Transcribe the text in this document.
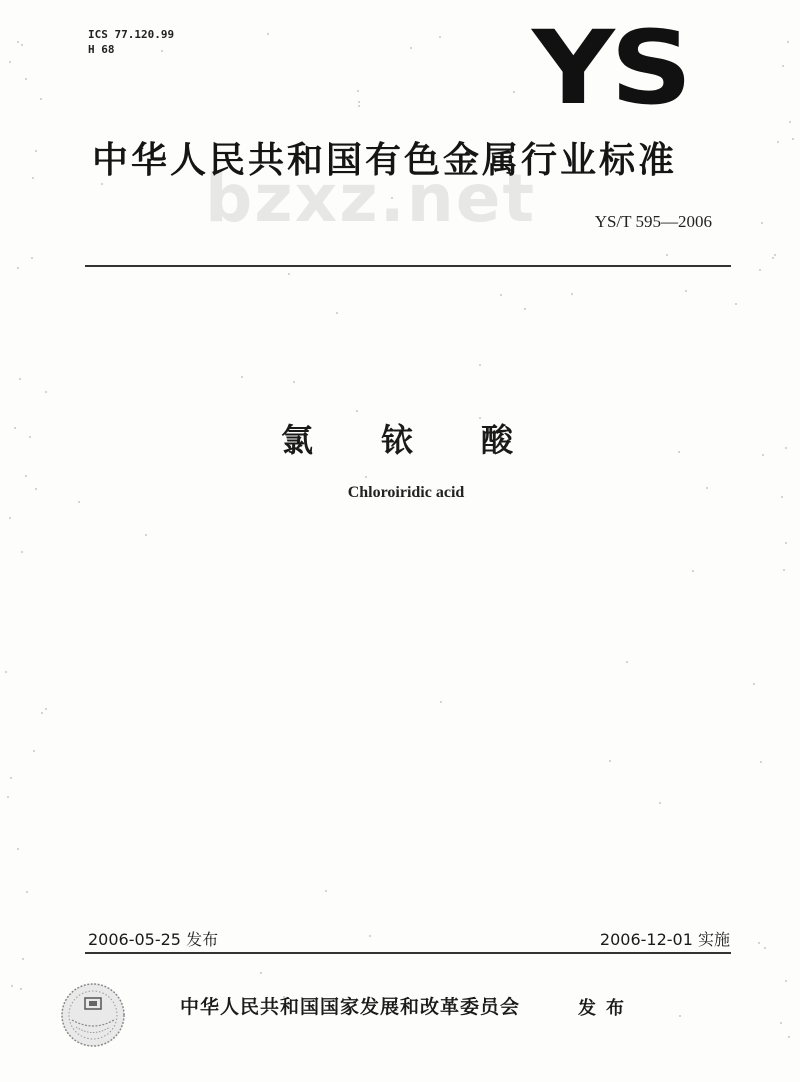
ICS 77.120.99
H 68	YS
bzxz.net
中华人民共和国有色金属行业标准
YS/T 595—2006
氯铱酸
Chloroiridic acid
2006-05-25 发布	2006-12-01 实施
中华人民共和国国家发展和改革委员会	发布
